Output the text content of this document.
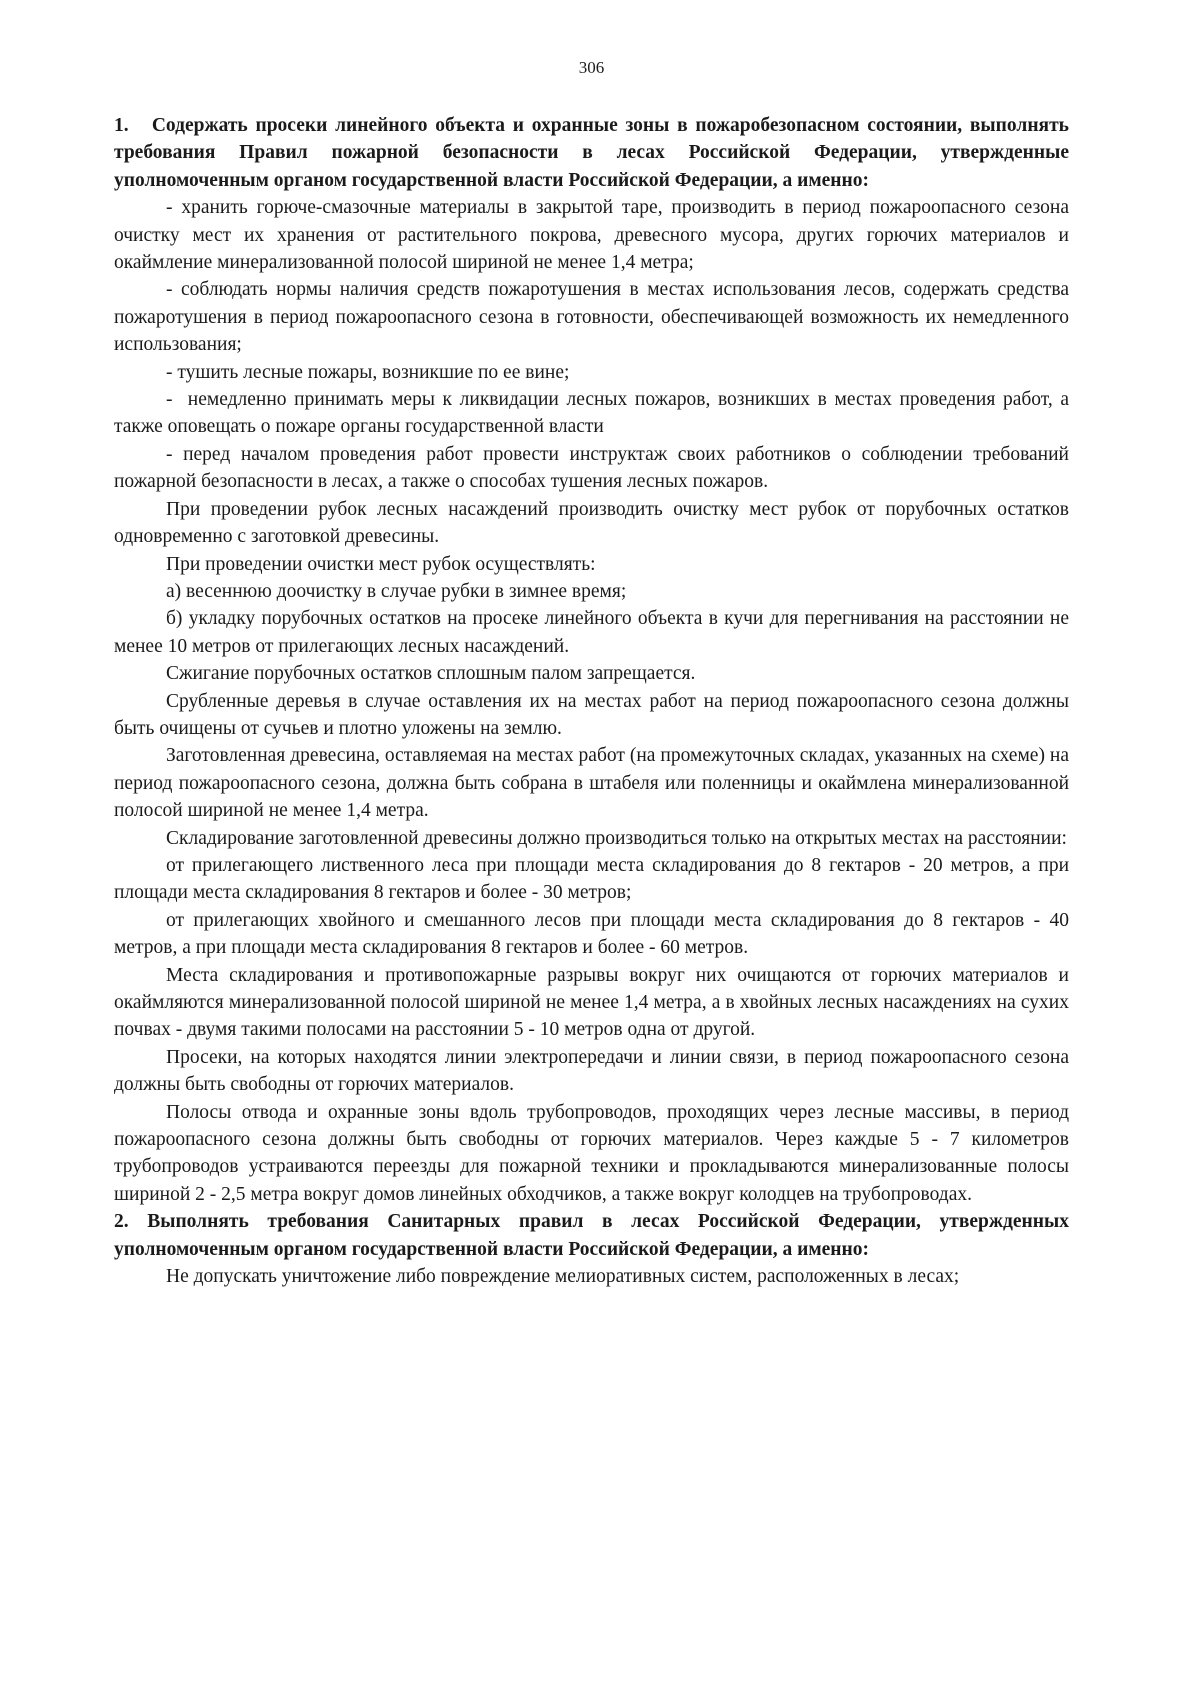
306

1.   Содержать просеки линейного объекта и охранные зоны в пожаробезопасном состоянии, выполнять требования Правил пожарной безопасности в лесах Российской Федерации, утвержденные уполномоченным органом государственной власти Российской Федерации, а именно:

- хранить горюче-смазочные материалы в закрытой таре, производить в период пожароопасного сезона очистку мест их хранения от растительного покрова, древесного мусора, других горючих материалов и окаймление минерализованной полосой шириной не менее 1,4 метра;

- соблюдать нормы наличия средств пожаротушения в местах использования лесов, содержать средства пожаротушения в период пожароопасного сезона в готовности, обеспечивающей возможность их немедленного использования;

- тушить лесные пожары, возникшие по ее вине;

-  немедленно принимать меры к ликвидации лесных пожаров, возникших в местах проведения работ, а также оповещать о пожаре органы государственной власти

- перед началом проведения работ провести инструктаж своих работников о соблюдении требований пожарной безопасности в лесах, а также о способах тушения лесных пожаров.

При проведении рубок лесных насаждений производить очистку мест рубок от порубочных остатков одновременно с заготовкой древесины.

При проведении очистки мест рубок осуществлять:

а) весеннюю доочистку в случае рубки в зимнее время;

б) укладку порубочных остатков на просеке линейного объекта в кучи для перегнивания на расстоянии не менее 10 метров от прилегающих лесных насаждений.

Сжигание порубочных остатков сплошным палом запрещается.

Срубленные деревья в случае оставления их на местах работ на период пожароопасного сезона должны быть очищены от сучьев и плотно уложены на землю.

Заготовленная древесина, оставляемая на местах работ (на промежуточных складах, указанных на схеме) на период пожароопасного сезона, должна быть собрана в штабеля или поленницы и окаймлена минерализованной полосой шириной не менее 1,4 метра.

Складирование заготовленной древесины должно производиться только на открытых местах на расстоянии:

от прилегающего лиственного леса при площади места складирования до 8 гектаров - 20 метров, а при площади места складирования 8 гектаров и более - 30 метров;

от прилегающих хвойного и смешанного лесов при площади места складирования до 8 гектаров - 40 метров, а при площади места складирования 8 гектаров и более - 60 метров.

Места складирования и противопожарные разрывы вокруг них очищаются от горючих материалов и окаймляются минерализованной полосой шириной не менее 1,4 метра, а в хвойных лесных насаждениях на сухих почвах - двумя такими полосами на расстоянии 5 - 10 метров одна от другой.

Просеки, на которых находятся линии электропередачи и линии связи, в период пожароопасного сезона должны быть свободны от горючих материалов.

Полосы отвода и охранные зоны вдоль трубопроводов, проходящих через лесные массивы, в период пожароопасного сезона должны быть свободны от горючих материалов. Через каждые 5 - 7 километров трубопроводов устраиваются переезды для пожарной техники и прокладываются минерализованные полосы шириной 2 - 2,5 метра вокруг домов линейных обходчиков, а также вокруг колодцев на трубопроводах.

2. Выполнять требования Санитарных правил в лесах Российской Федерации, утвержденных уполномоченным органом государственной власти Российской Федерации, а именно:

Не допускать уничтожение либо повреждение мелиоративных систем, расположенных в лесах;
